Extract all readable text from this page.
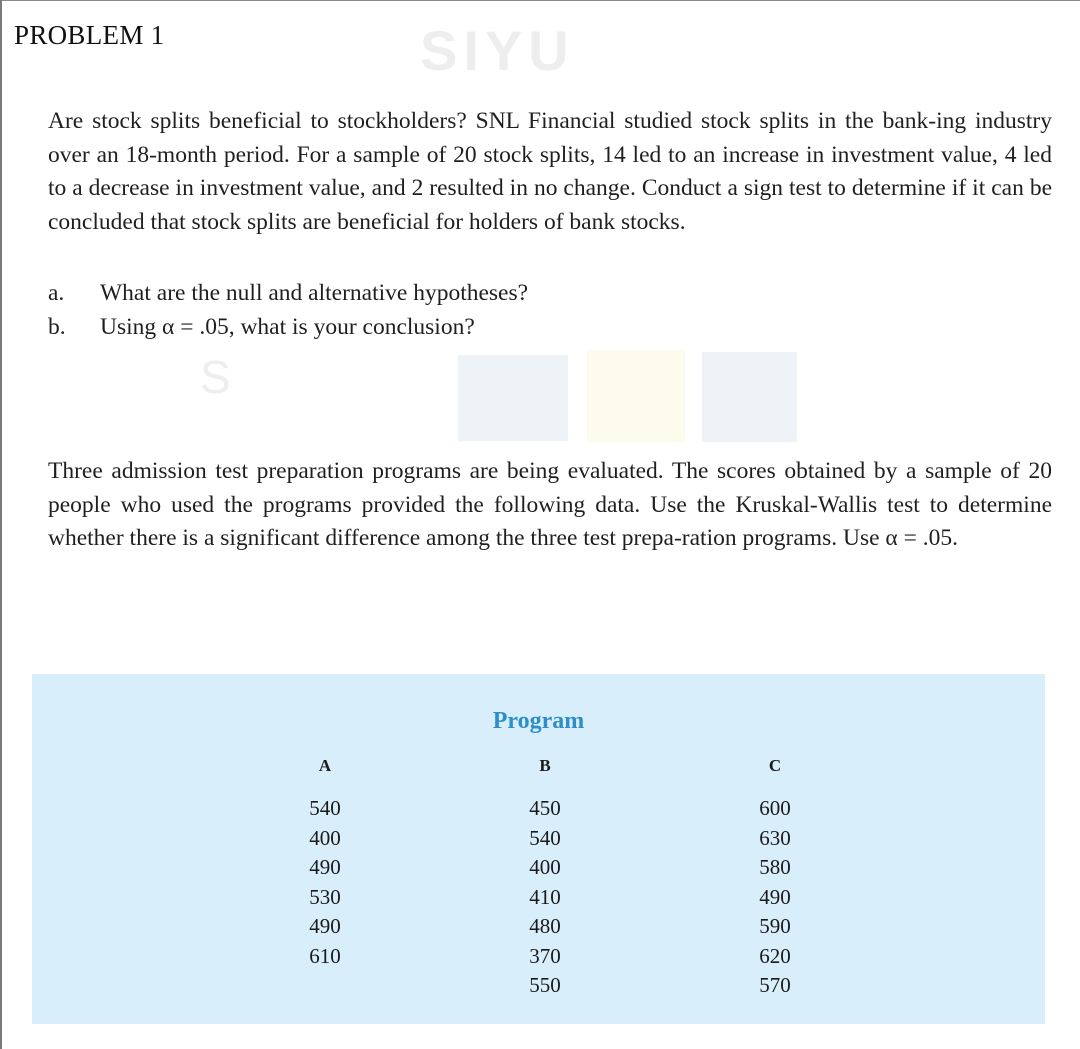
SIYU
S
PROBLEM 1
Are stock splits beneficial to stockholders? SNL Financial studied stock splits in the bank-ing industry over an 18-month period. For a sample of 20 stock splits, 14 led to an increase in investment value, 4 led to a decrease in investment value, and 2 resulted in no change. Conduct a sign test to determine if it can be concluded that stock splits are beneficial for holders of bank stocks.
a. What are the null and alternative hypotheses?
b. Using α = .05, what is your conclusion?
Three admission test preparation programs are being evaluated. The scores obtained by a sample of 20 people who used the programs provided the following data. Use the Kruskal-Wallis test to determine whether there is a significant difference among the three test prepa-ration programs. Use α = .05.
Program
A	B	C
540
400
490
530
490
610
450
540
400
410
480
370
550
600
630
580
490
590
620
570
